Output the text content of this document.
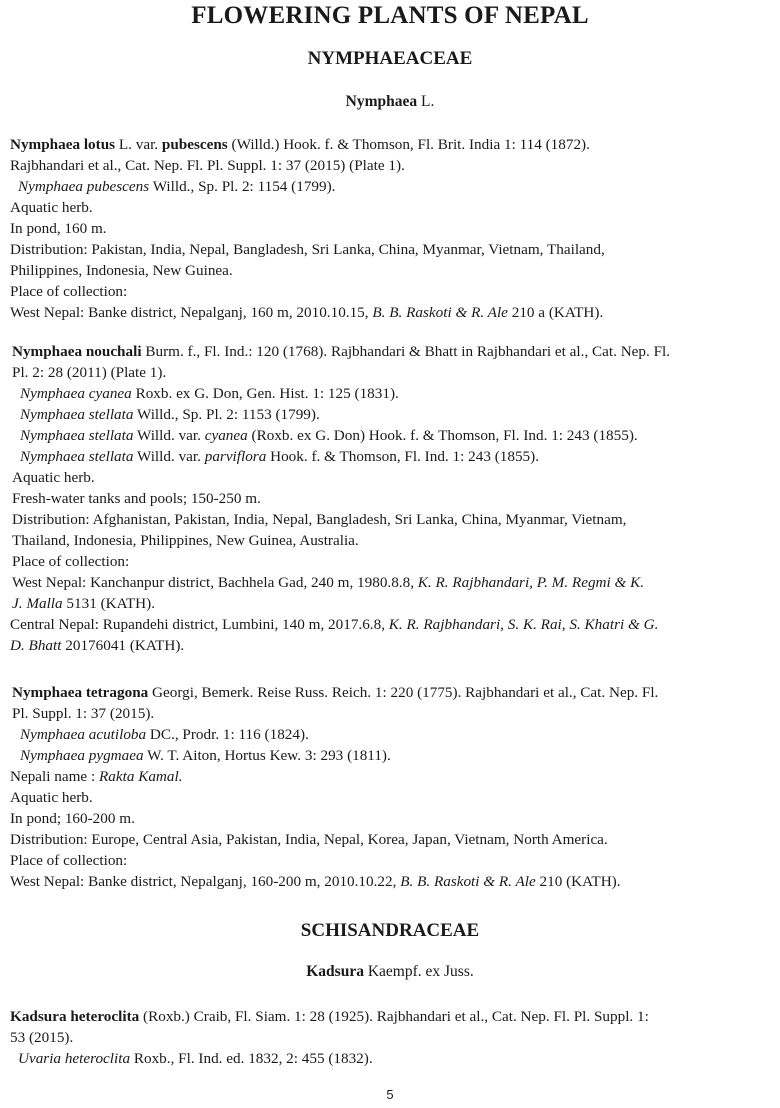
FLOWERING PLANTS OF NEPAL
NYMPHAEACEAE
Nymphaea L.
Nymphaea lotus L. var. pubescens (Willd.) Hook. f. & Thomson, Fl. Brit. India 1: 114 (1872).
Rajbhandari et al., Cat. Nep. Fl. Pl. Suppl. 1: 37 (2015) (Plate 1).
Nymphaea pubescens Willd., Sp. Pl. 2: 1154 (1799).
Aquatic herb.
In pond, 160 m.
Distribution: Pakistan, India, Nepal, Bangladesh, Sri Lanka, China, Myanmar, Vietnam, Thailand,
Philippines, Indonesia, New Guinea.
Place of collection:
West Nepal: Banke district, Nepalganj, 160 m, 2010.10.15, B. B. Raskoti & R. Ale 210 a (KATH).
Nymphaea nouchali Burm. f., Fl. Ind.: 120 (1768). Rajbhandari & Bhatt in Rajbhandari et al., Cat. Nep. Fl.
Pl. 2: 28 (2011) (Plate 1).
Nymphaea cyanea Roxb. ex G. Don, Gen. Hist. 1: 125 (1831).
Nymphaea stellata Willd., Sp. Pl. 2: 1153 (1799).
Nymphaea stellata Willd. var. cyanea (Roxb. ex G. Don) Hook. f. & Thomson, Fl. Ind. 1: 243 (1855).
Nymphaea stellata Willd. var. parviflora Hook. f. & Thomson, Fl. Ind. 1: 243 (1855).
Aquatic herb.
Fresh-water tanks and pools; 150-250 m.
Distribution: Afghanistan, Pakistan, India, Nepal, Bangladesh, Sri Lanka, China, Myanmar, Vietnam,
Thailand, Indonesia, Philippines, New Guinea, Australia.
Place of collection:
West Nepal: Kanchanpur district, Bachhela Gad, 240 m, 1980.8.8, K. R. Rajbhandari, P. M. Regmi & K.
J. Malla 5131 (KATH).
Central Nepal: Rupandehi district, Lumbini, 140 m, 2017.6.8, K. R. Rajbhandari, S. K. Rai, S. Khatri & G.
D. Bhatt 20176041 (KATH).
Nymphaea tetragona Georgi, Bemerk. Reise Russ. Reich. 1: 220 (1775). Rajbhandari et al., Cat. Nep. Fl.
Pl. Suppl. 1: 37 (2015).
Nymphaea acutiloba DC., Prodr. 1: 116 (1824).
Nymphaea pygmaea W. T. Aiton, Hortus Kew. 3: 293 (1811).
Nepali name : Rakta Kamal.
Aquatic herb.
In pond; 160-200 m.
Distribution: Europe, Central Asia, Pakistan, India, Nepal, Korea, Japan, Vietnam, North America.
Place of collection:
West Nepal: Banke district, Nepalganj, 160-200 m, 2010.10.22, B. B. Raskoti & R. Ale 210 (KATH).
SCHISANDRACEAE
Kadsura Kaempf. ex Juss.
Kadsura heteroclita (Roxb.) Craib, Fl. Siam. 1: 28 (1925). Rajbhandari et al., Cat. Nep. Fl. Pl. Suppl. 1:
53 (2015).
Uvaria heteroclita Roxb., Fl. Ind. ed. 1832, 2: 455 (1832).
5
